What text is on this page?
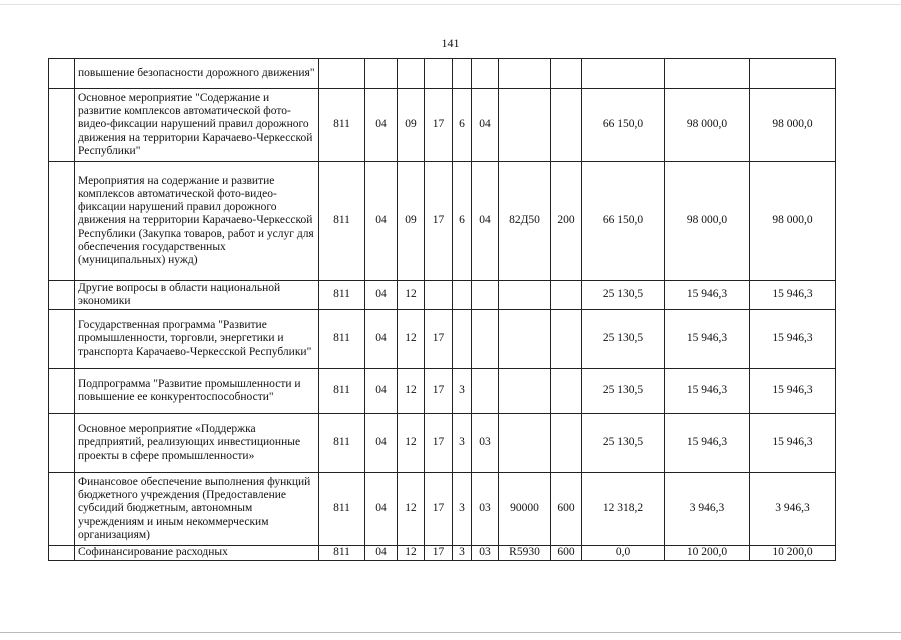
141
	повышение безопасности дорожного движения"											
	Основное мероприятие "Содержание и развитие комплексов автоматической фото-видео-фиксации нарушений правил дорожного движения на территории Карачаево-Черкесской Республики"	811	04	09	17	6	04			66 150,0	98 000,0	98 000,0
	Мероприятия на содержание и развитие комплексов автоматической фото-видео-фиксации нарушений правил дорожного движения на территории Карачаево-Черкесской Республики (Закупка товаров, работ и услуг для обеспечения государственных (муниципальных) нужд)	811	04	09	17	6	04	82Д50	200	66 150,0	98 000,0	98 000,0
	Другие вопросы в области национальной экономики	811	04	12						25 130,5	15 946,3	15 946,3
	Государственная программа "Развитие промышленности, торговли, энергетики и транспорта Карачаево-Черкесской Республики"	811	04	12	17					25 130,5	15 946,3	15 946,3
	Подпрограмма "Развитие промышленности и повышение ее конкурентоспособности"	811	04	12	17	3				25 130,5	15 946,3	15 946,3
	Основное мероприятие «Поддержка предприятий, реализующих инвестиционные проекты в сфере промышленности»	811	04	12	17	3	03			25 130,5	15 946,3	15 946,3
	Финансовое обеспечение выполнения функций бюджетного учреждения (Предоставление субсидий бюджетным, автономным учреждениям и иным некоммерческим организациям)	811	04	12	17	3	03	90000	600	12 318,2	3 946,3	3 946,3
	Софинансирование расходных	811	04	12	17	3	03	R5930	600	0,0	10 200,0	10 200,0
